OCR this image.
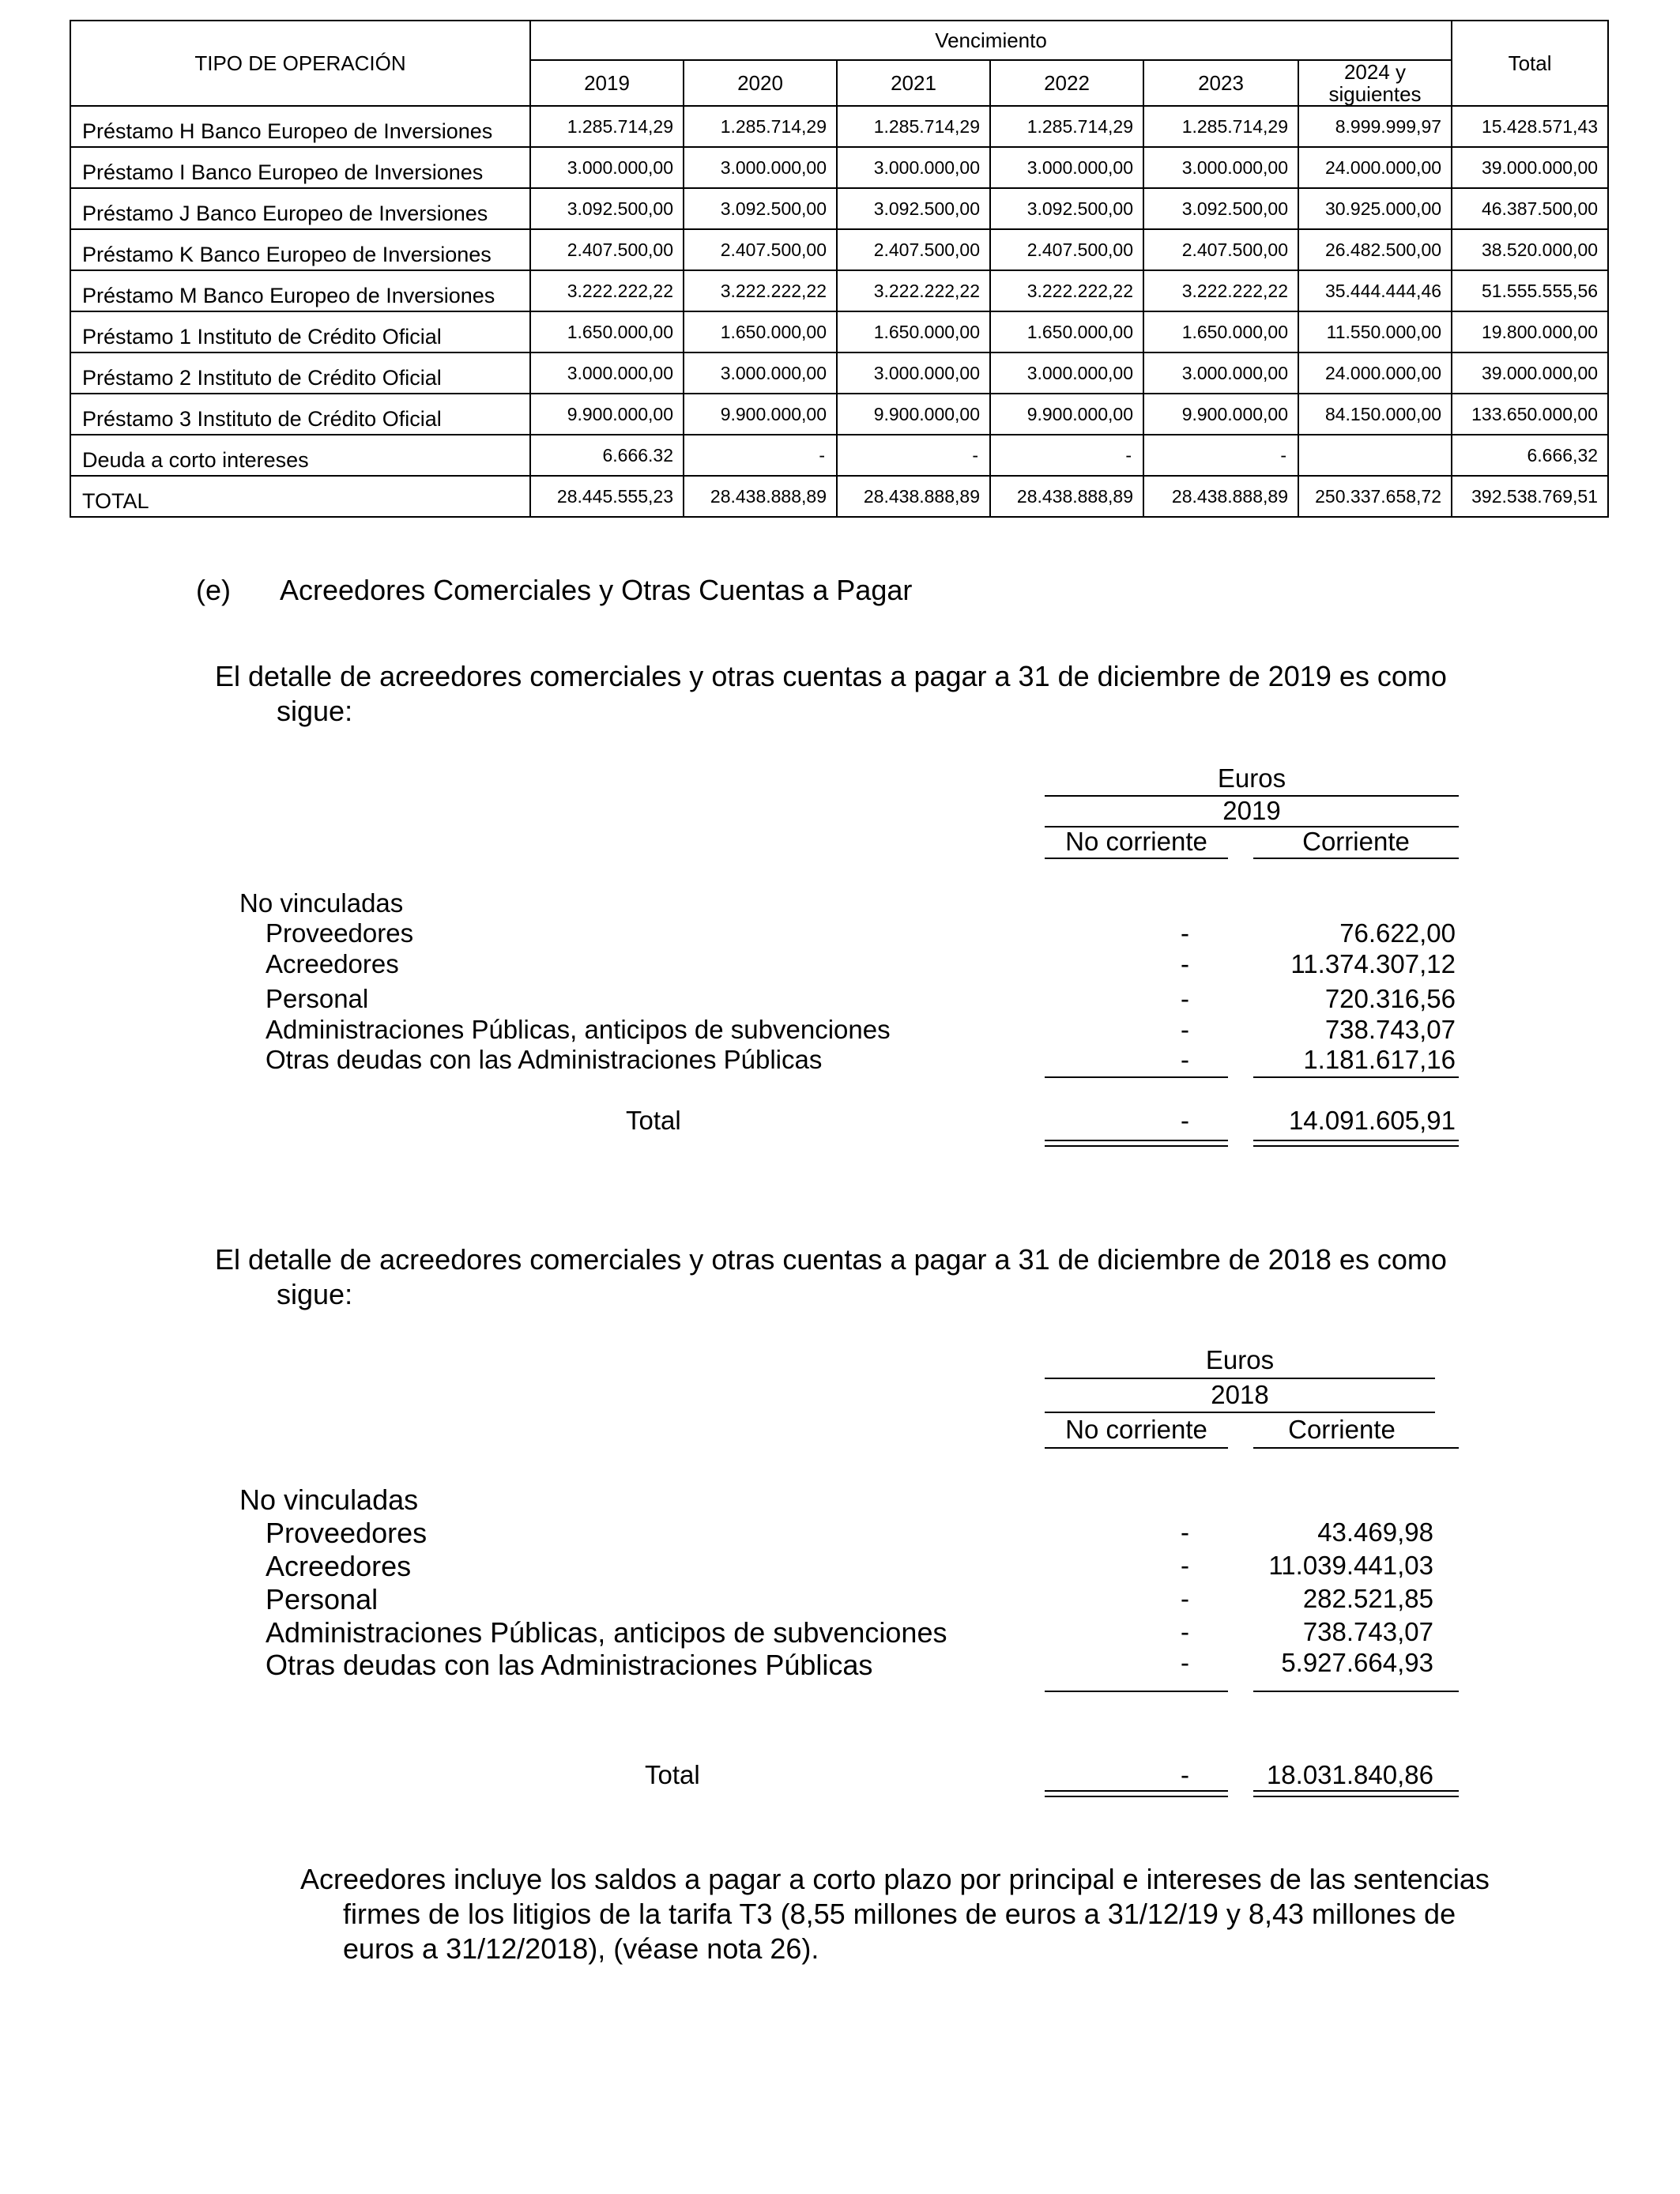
TIPO DE OPERACIÓN	Vencimiento						Total
	2019	2020	2021	2022	2023	2024 y siguientes	
Préstamo H Banco Europeo de Inversiones	1.285.714,29	1.285.714,29	1.285.714,29	1.285.714,29	1.285.714,29	8.999.999,97	15.428.571,43
Préstamo I Banco Europeo de Inversiones	3.000.000,00	3.000.000,00	3.000.000,00	3.000.000,00	3.000.000,00	24.000.000,00	39.000.000,00
Préstamo J Banco Europeo de Inversiones	3.092.500,00	3.092.500,00	3.092.500,00	3.092.500,00	3.092.500,00	30.925.000,00	46.387.500,00
Préstamo K Banco Europeo de Inversiones	2.407.500,00	2.407.500,00	2.407.500,00	2.407.500,00	2.407.500,00	26.482.500,00	38.520.000,00
Préstamo M Banco Europeo de Inversiones	3.222.222,22	3.222.222,22	3.222.222,22	3.222.222,22	3.222.222,22	35.444.444,46	51.555.555,56
Préstamo 1 Instituto de Crédito Oficial	1.650.000,00	1.650.000,00	1.650.000,00	1.650.000,00	1.650.000,00	11.550.000,00	19.800.000,00
Préstamo 2 Instituto de Crédito Oficial	3.000.000,00	3.000.000,00	3.000.000,00	3.000.000,00	3.000.000,00	24.000.000,00	39.000.000,00
Préstamo 3 Instituto de Crédito Oficial	9.900.000,00	9.900.000,00	9.900.000,00	9.900.000,00	9.900.000,00	84.150.000,00	133.650.000,00
Deuda a corto intereses	6.666.32	-	-	-	-		6.666,32
TOTAL	28.445.555,23	28.438.888,89	28.438.888,89	28.438.888,89	28.438.888,89	250.337.658,72	392.538.769,51
(e) Acreedores Comerciales y Otras Cuentas a Pagar
El detalle de acreedores comerciales y otras cuentas a pagar a 31 de diciembre de 2019 es como
sigue:
Euros
2019
No corriente	Corriente
No vinculadas
Proveedores	-	76.622,00
Acreedores	-	11.374.307,12
Personal	-	720.316,56
Administraciones Públicas, anticipos de subvenciones	-	738.743,07
Otras deudas con las Administraciones Públicas	-	1.181.617,16
Total	-	14.091.605,91
El detalle de acreedores comerciales y otras cuentas a pagar a 31 de diciembre de 2018 es como
sigue:
Euros
2018
No corriente	Corriente
No vinculadas
Proveedores	-	43.469,98
Acreedores	-	11.039.441,03
Personal	-	282.521,85
Administraciones Públicas, anticipos de subvenciones	-	738.743,07
Otras deudas con las Administraciones Públicas	-	5.927.664,93
Total	-	18.031.840,86
Acreedores incluye los saldos a pagar a corto plazo por principal e intereses de las sentencias
firmes de los litigios de la tarifa T3 (8,55 millones de euros a 31/12/19 y 8,43 millones de
euros a 31/12/2018), (véase nota 26).
